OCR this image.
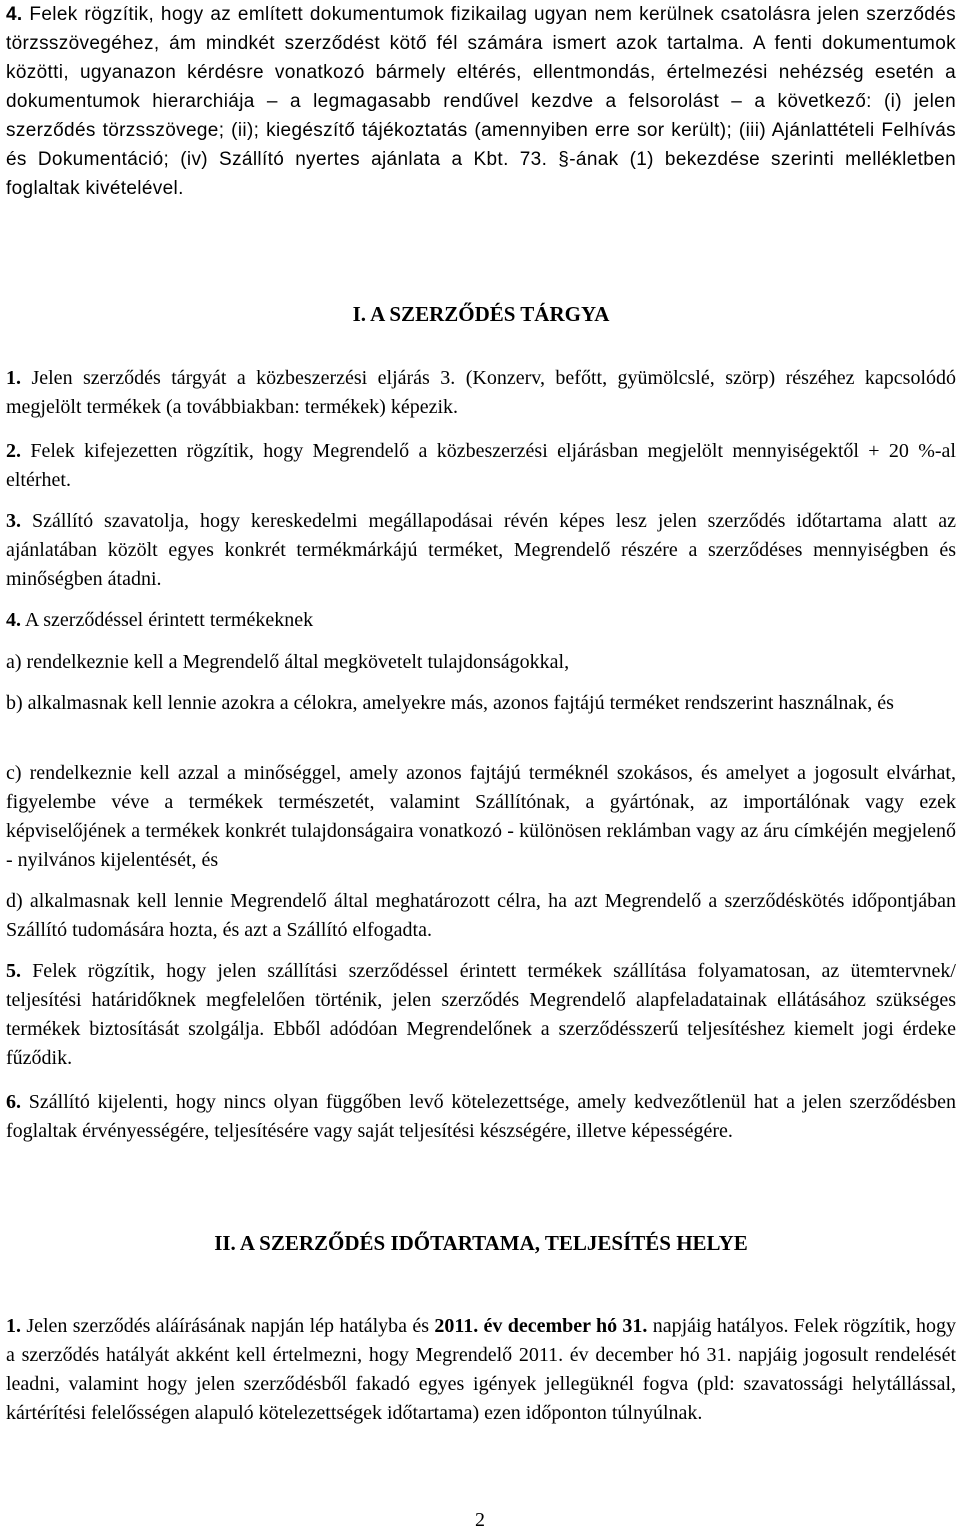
4. Felek rögzítik, hogy az említett dokumentumok fizikailag ugyan nem kerülnek csatolásra jelen szerződés törzsszövegéhez, ám mindkét szerződést kötő fél számára ismert azok tartalma. A fenti dokumentumok közötti, ugyanazon kérdésre vonatkozó bármely eltérés, ellentmondás, értelmezési nehézség esetén a dokumentumok hierarchiája – a legmagasabb rendűvel kezdve a felsorolást – a következő: (i) jelen szerződés törzsszövege; (ii); kiegészítő tájékoztatás (amennyiben erre sor került); (iii) Ajánlattételi Felhívás és Dokumentáció; (iv) Szállító nyertes ajánlata a Kbt. 73. §-ának (1) bekezdése szerinti mellékletben foglaltak kivételével.

I. A SZERZŐDÉS TÁRGYA

1. Jelen szerződés tárgyát a közbeszerzési eljárás 3. (Konzerv, befőtt, gyümölcslé, szörp) részéhez kapcsolódó megjelölt termékek (a továbbiakban: termékek) képezik.

2. Felek kifejezetten rögzítik, hogy Megrendelő a közbeszerzési eljárásban megjelölt mennyiségektől + 20 %-al eltérhet.

3. Szállító szavatolja, hogy kereskedelmi megállapodásai révén képes lesz jelen szerződés időtartama alatt az ajánlatában közölt egyes konkrét termékmárkájú terméket, Megrendelő részére a szerződéses mennyiségben és minőségben átadni.

4. A szerződéssel érintett termékeknek

a) rendelkeznie kell a Megrendelő által megkövetelt tulajdonságokkal,

b) alkalmasnak kell lennie azokra a célokra, amelyekre más, azonos fajtájú terméket rendszerint használnak, és

c) rendelkeznie kell azzal a minőséggel, amely azonos fajtájú terméknél szokásos, és amelyet a jogosult elvárhat, figyelembe véve a termékek természetét, valamint Szállítónak, a gyártónak, az importálónak vagy ezek képviselőjének a termékek konkrét tulajdonságaira vonatkozó - különösen reklámban vagy az áru címkéjén megjelenő - nyilvános kijelentését, és

d) alkalmasnak kell lennie Megrendelő által meghatározott célra, ha azt Megrendelő a szerződéskötés időpontjában Szállító tudomására hozta, és azt a Szállító elfogadta.

5. Felek rögzítik, hogy jelen szállítási szerződéssel érintett termékek szállítása folyamatosan, az ütemtervnek/ teljesítési határidőknek megfelelően történik, jelen szerződés Megrendelő alapfeladatainak ellátásához szükséges termékek biztosítását szolgálja. Ebből adódóan Megrendelőnek a szerződésszerű teljesítéshez kiemelt jogi érdeke fűződik.

6. Szállító kijelenti, hogy nincs olyan függőben levő kötelezettsége, amely kedvezőtlenül hat a jelen szerződésben foglaltak érvényességére, teljesítésére vagy saját teljesítési készségére, illetve képességére.

II. A SZERZŐDÉS IDŐTARTAMA, TELJESÍTÉS HELYE

1. Jelen szerződés aláírásának napján lép hatályba és 2011. év december hó 31. napjáig hatályos. Felek rögzítik, hogy a szerződés hatályát akként kell értelmezni, hogy Megrendelő 2011. év december hó 31. napjáig jogosult rendelését leadni, valamint hogy jelen szerződésből fakadó egyes igények jellegüknél fogva (pld: szavatossági helytállással, kártérítési felelősségen alapuló kötelezettségek időtartama) ezen időponton túlnyúlnak.

2
